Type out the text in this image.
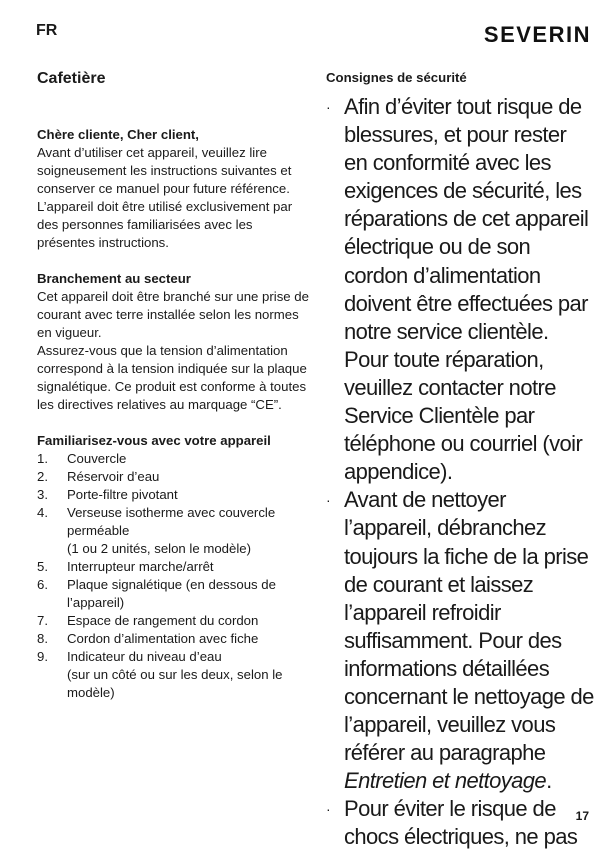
FR	SEVERIN
Cafetière
Chère cliente, Cher client,

Avant d’utiliser cet appareil, veuillez lire soigneusement les instructions suivantes et conserver ce manuel pour future référence. L’appareil doit être utilisé exclusivement par des personnes familiarisées avec les présentes instructions.

Branchement au secteur

Cet appareil doit être branché sur une prise de courant avec terre installée selon les normes en vigueur.

Assurez-vous que la tension d’alimentation correspond à la tension indiquée sur la plaque signalétique. Ce produit est conforme à toutes les directives relatives au marquage “CE”.

Familiarisez-vous avec votre appareil
1.	Couvercle
2.	Réservoir d’eau
3.	Porte-filtre pivotant
4.	Verseuse isotherme avec couvercle perméable
(1 ou 2 unités, selon le modèle)
5.	Interrupteur marche/arrêt
6.	Plaque signalétique (en dessous de l’appareil)
7.	Espace de rangement du cordon
8.	Cordon d’alimentation avec fiche
9.	Indicateur du niveau d’eau
(sur un côté ou sur les deux, selon le modèle)
Consignes de sécurité
· Afin d’éviter tout risque de blessures, et pour rester en conformité avec les exigences de sécurité, les réparations de cet appareil électrique ou de son cordon d’alimentation doivent être effectuées par notre service clientèle. Pour toute réparation, veuillez contacter notre Service Clientèle par téléphone ou courriel (voir appendice).
· Avant de nettoyer l’appareil, débranchez toujours la fiche de la prise de courant et laissez l’appareil refroidir suffisamment. Pour des informations détaillées concernant le nettoyage de l’appareil, veuillez vous référer au paragraphe Entretien et nettoyage.
· Pour éviter le risque de chocs électriques, ne pas
17
